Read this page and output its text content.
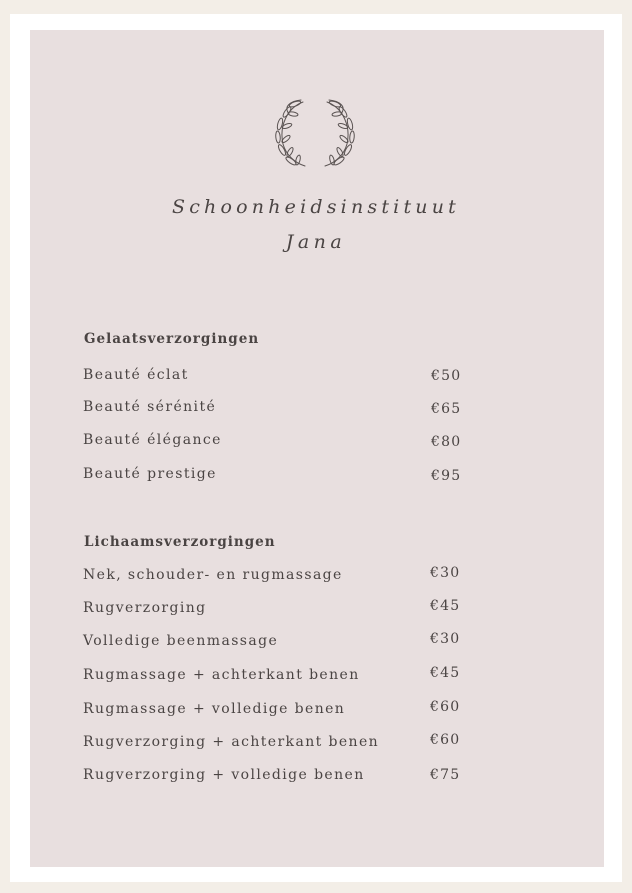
Schoonheidsinstituut
Jana
Gelaatsverzorgingen
Beauté éclat	€50
Beauté sérénité	€65
Beauté élégance	€80
Beauté prestige	€95
Lichaamsverzorgingen
Nek, schouder- en rugmassage	€30
Rugverzorging	€45
Volledige beenmassage	€30
Rugmassage + achterkant benen	€45
Rugmassage + volledige benen	€60
Rugverzorging + achterkant benen	€60
Rugverzorging + volledige benen	€75
